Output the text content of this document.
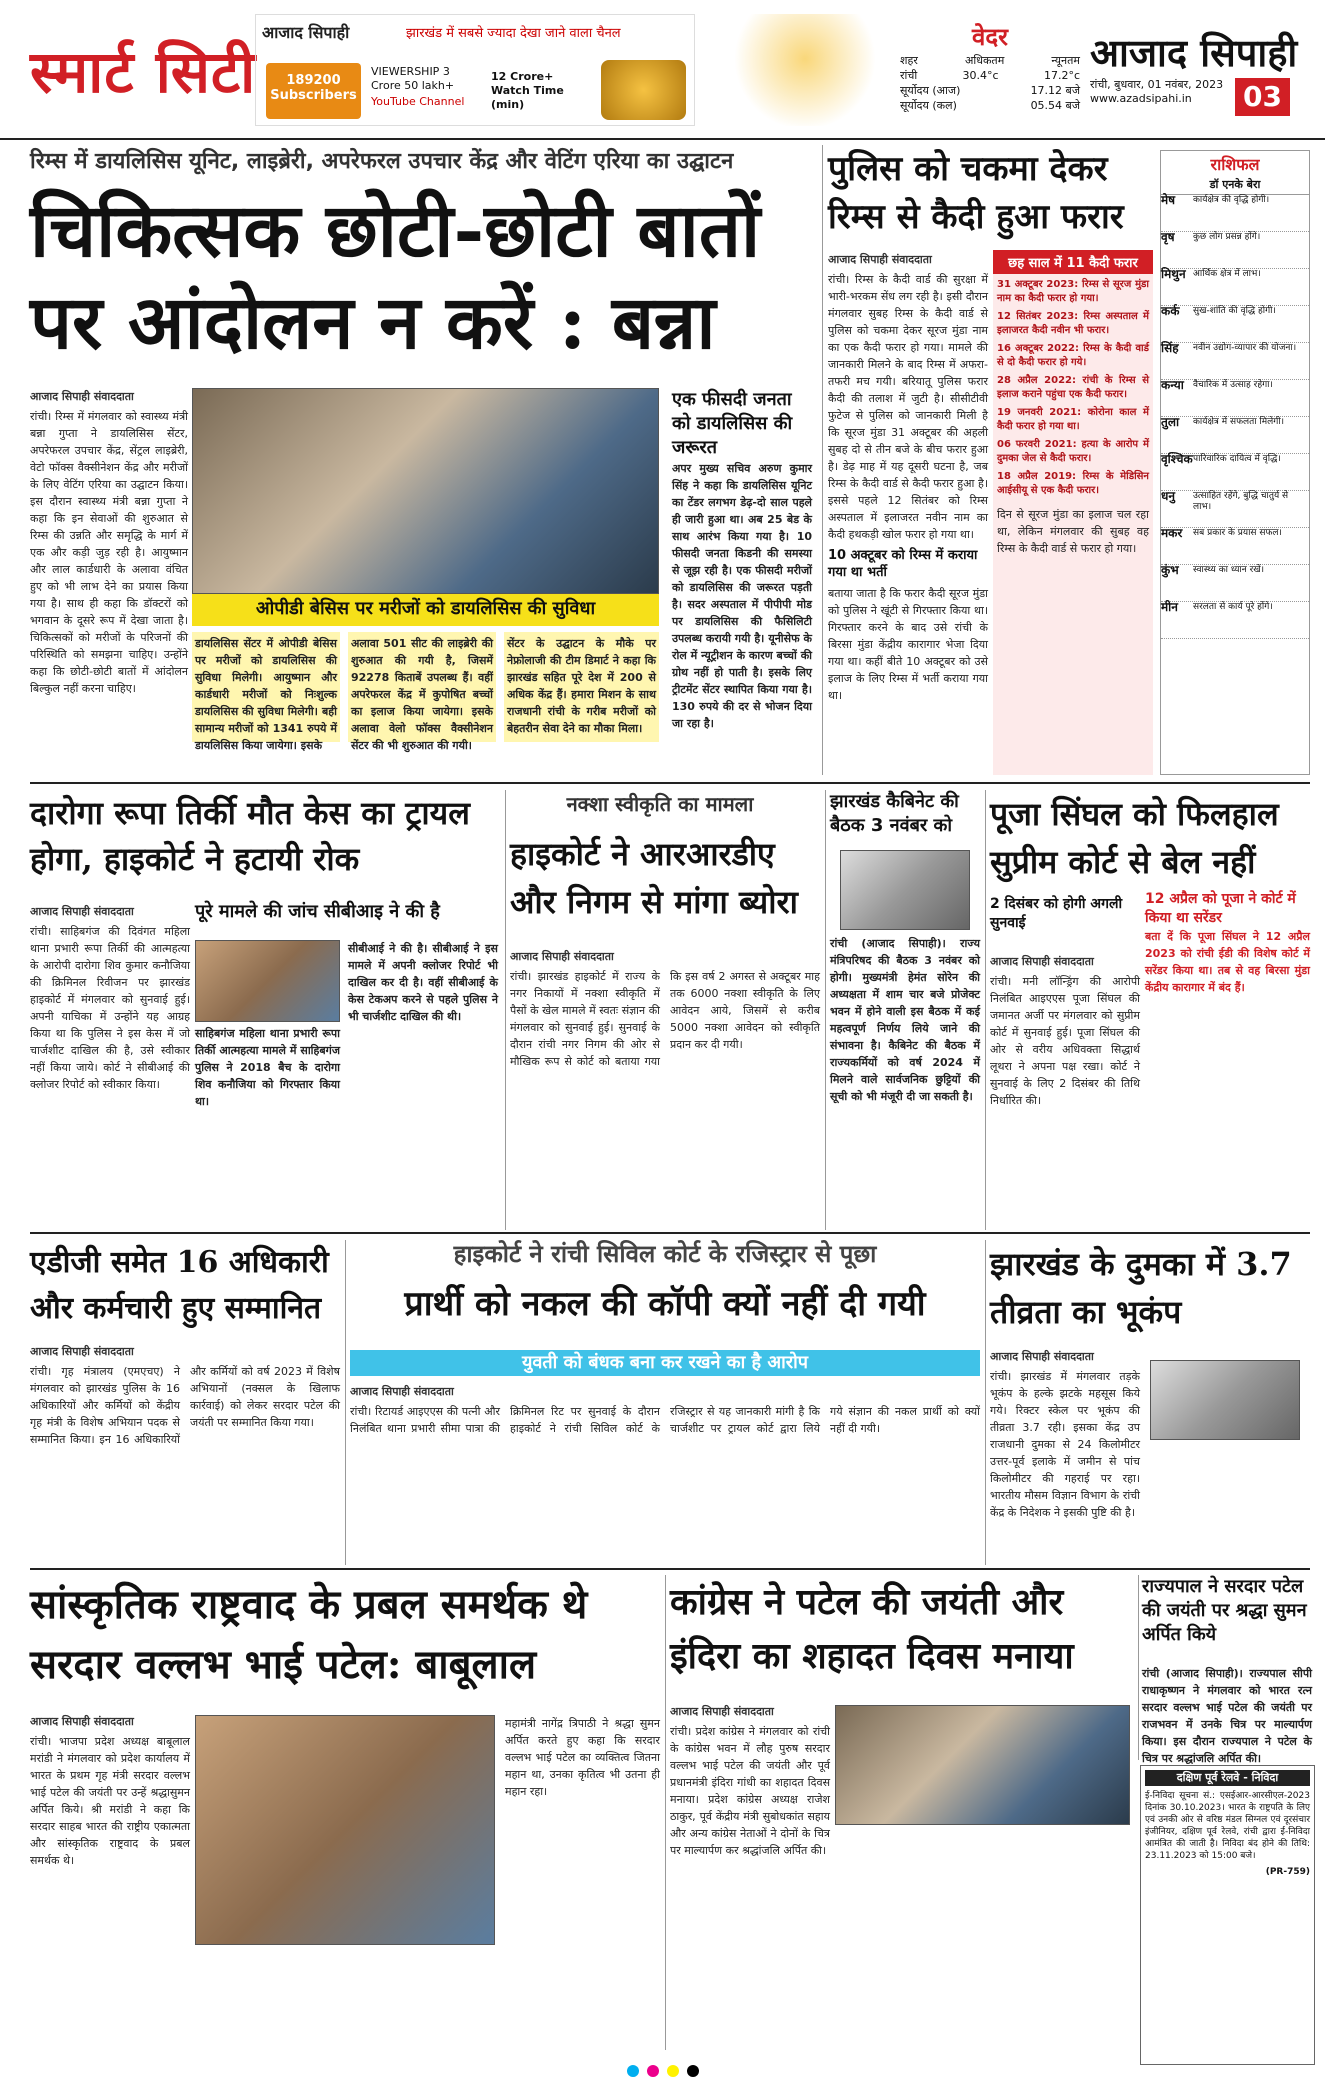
स्मार्ट सिटी
आजाद सिपाही	झारखंड में सबसे ज्यादा देखा जाने वाला चैनल
189200 Subscribers
VIEWERSHIP 3 Crore 50 lakh+
YouTube Channel
12 Crore+ Watch Time (min)
वेदर
शहर	अधिकतम	न्यूनतम
रांची	30.4°c	17.2°c
सूर्योदय (आज)	17.12 बजे
सूर्योदय (कल)	05.54 बजे
आजाद सिपाही
रांची, बुधवार, 01 नवंबर, 2023
www.azadsipahi.in	03
रिम्स में डायलिसिस यूनिट, लाइब्रेरी, अपरेफरल उपचार केंद्र और वेटिंग एरिया का उद्घाटन
चिकित्सक छोटी-छोटी बातों
पर आंदोलन न करें : बन्ना
आजाद सिपाही संवाददाता
रांची। रिम्स में मंगलवार को स्वास्थ्य मंत्री बन्ना गुप्ता ने डायलिसिस सेंटर, अपरेफरल उपचार केंद्र, सेंट्रल लाइब्रेरी, वेटो फॉक्स वैक्सीनेशन केंद्र और मरीजों के लिए वेटिंग एरिया का उद्घाटन किया। इस दौरान स्वास्थ्य मंत्री बन्ना गुप्ता ने कहा कि इन सेवाओं की शुरुआत से रिम्स की उन्नति और समृद्धि के मार्ग में एक और कड़ी जुड़ रही है। आयुष्मान और लाल कार्डधारी के अलावा वंचित हुए को भी लाभ देने का प्रयास किया गया है। साथ ही कहा कि डॉक्टरों को भगवान के दूसरे रूप में देखा जाता है। चिकित्सकों को मरीजों के परिजनों की परिस्थिति को समझना चाहिए। उन्होंने कहा कि छोटी-छोटी बातों में आंदोलन बिल्कुल नहीं करना चाहिए।
ओपीडी बेसिस पर मरीजों को डायलिसिस की सुविधा
डायलिसिस सेंटर में ओपीडी बेसिस पर मरीजों को डायलिसिस की सुविधा मिलेगी। आयुष्मान और कार्डधारी मरीजों को निःशुल्क डायलिसिस की सुविधा मिलेगी। बही सामान्य मरीजों को 1341 रुपये में डायलिसिस किया जायेगा। इसके
अलावा 501 सीट की लाइब्रेरी की शुरुआत की गयी है, जिसमें 92278 किताबें उपलब्ध हैं। वहीं अपरेफरल केंद्र में कुपोषित बच्चों का इलाज किया जायेगा। इसके अलावा वेलो फॉक्स वैक्सीनेशन सेंटर की भी शुरुआत की गयी।
सेंटर के उद्घाटन के मौके पर नेफ्रोलाजी की टीम डिमार्ट ने कहा कि झारखंड सहित पूरे देश में 200 से अधिक केंद्र हैं। हमारा मिशन के साथ राजधानी रांची के गरीब मरीजों को बेहतरीन सेवा देने का मौका मिला।
एक फीसदी जनता को डायलिसिस की जरूरत
अपर मुख्य सचिव अरुण कुमार सिंह ने कहा कि डायलिसिस यूनिट का टेंडर लगभग डेढ़-दो साल पहले ही जारी हुआ था। अब 25 बेड के साथ आरंभ किया गया है। 10 फीसदी जनता किडनी की समस्या से जूझ रही है। एक फीसदी मरीजों को डायलिसिस की जरूरत पड़ती है। सदर अस्पताल में पीपीपी मोड पर डायलिसिस की फैसिलिटी उपलब्ध करायी गयी है। यूनीसेफ के रोल में न्यूट्रीशन के कारण बच्चों की ग्रोथ नहीं हो पाती है। इसके लिए ट्रीटमेंट सेंटर स्थापित किया गया है। 130 रुपये की दर से भोजन दिया जा रहा है।
पुलिस को चकमा देकर रिम्स से कैदी हुआ फरार
आजाद सिपाही संवाददाता
रांची। रिम्स के कैदी वार्ड की सुरक्षा में भारी-भरकम सेंध लग रही है। इसी दौरान मंगलवार सुबह रिम्स के कैदी वार्ड से पुलिस को चकमा देकर सूरज मुंडा नाम का एक कैदी फरार हो गया। मामले की जानकारी मिलने के बाद रिम्स में अफरा-तफरी मच गयी। बरियातू पुलिस फरार कैदी की तलाश में जुटी है। सीसीटीवी फुटेज से पुलिस को जानकारी मिली है कि सूरज मुंडा 31 अक्टूबर की अहली सुबह दो से तीन बजे के बीच फरार हुआ है। डेढ़ माह में यह दूसरी घटना है, जब रिम्स के कैदी वार्ड से कैदी फरार हुआ है। इससे पहले 12 सितंबर को रिम्स अस्पताल में इलाजरत नवीन नाम का कैदी हथकड़ी खोल फरार हो गया था।
10 अक्टूबर को रिम्स में कराया गया था भर्ती
बताया जाता है कि फरार कैदी सूरज मुंडा को पुलिस ने खूंटी से गिरफ्तार किया था। गिरफ्तार करने के बाद उसे रांची के बिरसा मुंडा केंद्रीय कारागार भेजा दिया गया था। कहीं बीते 10 अक्टूबर को उसे इलाज के लिए रिम्स में भर्ती कराया गया था।
छह साल में 11 कैदी फरार
31 अक्टूबर 2023: रिम्स से सूरज मुंडा नाम का कैदी फरार हो गया।
12 सितंबर 2023: रिम्स अस्पताल में इलाजरत कैदी नवीन भी फरार।
16 अक्टूबर 2022: रिम्स के कैदी वार्ड से दो कैदी फरार हो गये।
28 अप्रैल 2022: रांची के रिम्स से इलाज कराने पहुंचा एक कैदी फरार।
19 जनवरी 2021: कोरोना काल में कैदी फरार हो गया था।
06 फरवरी 2021: हत्या के आरोप में दुमका जेल से कैदी फरार।
18 अप्रैल 2019: रिम्स के मेडिसिन आईसीयू से एक कैदी फरार।
दिन से सूरज मुंडा का इलाज चल रहा था, लेकिन मंगलवार की सुबह वह रिम्स के कैदी वार्ड से फरार हो गया।
राशिफल
डॉ एनके बेरा
मेष	कार्यक्षेत्र की वृद्धि होगी।
वृष	कुछ लोग प्रसन्न होंगे।
मिथुन आर्थिक क्षेत्र में लाभ।
कर्क	सुख-शांति की वृद्धि होगी।
सिंह	नवीन उद्योग-व्यापार की योजना।
कन्या	वैचारिक में उत्साह रहेगा।
तुला	कार्यक्षेत्र में सफलता मिलेगी।
वृश्चिक पारिवारिक दायित्व में वृद्धि।
धनु	उत्साहित रहेंगे, बुद्धि चातुर्य से लाभ।
मकर	सब प्रकार के प्रयास सफल।
कुंभ	स्वास्थ्य का ध्यान रखें।
मीन	सरलता से कार्य पूरे होंगे।
दारोगा रूपा तिर्की मौत केस का ट्रायल होगा, हाइकोर्ट ने हटायी रोक
पूरे मामले की जांच सीबीआइ ने की है
आजाद सिपाही संवाददाता
रांची। साहिबगंज की दिवंगत महिला थाना प्रभारी रूपा तिर्की की आत्महत्या के आरोपी दारोगा शिव कुमार कनौजिया की क्रिमिनल रिवीजन पर झारखंड हाइकोर्ट में मंगलवार को सुनवाई हुई। अपनी याचिका में उन्होंने यह आग्रह किया था कि पुलिस ने इस केस में जो चार्जशीट दाखिल की है, उसे स्वीकार नहीं किया जाये। कोर्ट ने सीबीआई की क्लोजर रिपोर्ट को स्वीकार किया।
साहिबगंज महिला थाना प्रभारी रूपा तिर्की आत्महत्या मामले में साहिबगंज पुलिस ने 2018 बैच के दारोगा शिव कनौजिया को गिरफ्तार किया था।
सीबीआई ने की है। सीबीआई ने इस मामले में अपनी क्लोजर रिपोर्ट भी दाखिल कर दी है। वहीं सीबीआई के केस टेकअप करने से पहले पुलिस ने भी चार्जशीट दाखिल की थी।
नक्शा स्वीकृति का मामला
हाइकोर्ट ने आरआरडीए और निगम से मांगा ब्योरा
आजाद सिपाही संवाददाता
रांची। झारखंड हाइकोर्ट में राज्य के नगर निकायों में नक्शा स्वीकृति में पैसों के खेल मामले में स्वतः संज्ञान की मंगलवार को सुनवाई हुई। सुनवाई के दौरान रांची नगर निगम की ओर से मौखिक रूप से कोर्ट को बताया गया कि इस वर्ष 2 अगस्त से अक्टूबर माह तक 6000 नक्शा स्वीकृति के लिए आवेदन आये, जिसमें से करीब 5000 नक्शा आवेदन को स्वीकृति प्रदान कर दी गयी।
झारखंड कैबिनेट की बैठक 3 नवंबर को
रांची (आजाद सिपाही)। राज्य मंत्रिपरिषद की बैठक 3 नवंबर को होगी। मुख्यमंत्री हेमंत सोरेन की अध्यक्षता में शाम चार बजे प्रोजेक्ट भवन में होने वाली इस बैठक में कई महत्वपूर्ण निर्णय लिये जाने की संभावना है। कैबिनेट की बैठक में राज्यकर्मियों को वर्ष 2024 में मिलने वाले सार्वजनिक छुट्टियों की सूची को भी मंजूरी दी जा सकती है।
पूजा सिंघल को फिलहाल सुप्रीम कोर्ट से बेल नहीं
2 दिसंबर को होगी अगली सुनवाई
12 अप्रैल को पूजा ने कोर्ट में किया था सरेंडर
बता दें कि पूजा सिंघल ने 12 अप्रैल 2023 को रांची ईडी की विशेष कोर्ट में सरेंडर किया था। तब से वह बिरसा मुंडा केंद्रीय कारागार में बंद हैं।
आजाद सिपाही संवाददाता
रांची। मनी लॉन्ड्रिंग की आरोपी निलंबित आइएएस पूजा सिंघल की जमानत अर्जी पर मंगलवार को सुप्रीम कोर्ट में सुनवाई हुई। पूजा सिंघल की ओर से वरीय अधिवक्ता सिद्धार्थ लूथरा ने अपना पक्ष रखा। कोर्ट ने सुनवाई के लिए 2 दिसंबर की तिथि निर्धारित की।
एडीजी समेत 16 अधिकारी और कर्मचारी हुए सम्मानित
आजाद सिपाही संवाददाता
रांची। गृह मंत्रालय (एमएचए) ने मंगलवार को झारखंड पुलिस के 16 अधिकारियों और कर्मियों को केंद्रीय गृह मंत्री के विशेष अभियान पदक से सम्मानित किया। इन 16 अधिकारियों और कर्मियों को वर्ष 2023 में विशेष अभियानों (नक्सल के खिलाफ कार्रवाई) को लेकर सरदार पटेल की जयंती पर सम्मानित किया गया।
हाइकोर्ट ने रांची सिविल कोर्ट के रजिस्ट्रार से पूछा
प्रार्थी को नकल की कॉपी क्यों नहीं दी गयी
युवती को बंधक बना कर रखने का है आरोप
आजाद सिपाही संवाददाता
रांची। रिटायर्ड आइएएस की पत्नी और निलंबित थाना प्रभारी सीमा पात्रा की क्रिमिनल रिट पर सुनवाई के दौरान हाइकोर्ट ने रांची सिविल कोर्ट के रजिस्ट्रार से यह जानकारी मांगी है कि चार्जशीट पर ट्रायल कोर्ट द्वारा लिये गये संज्ञान की नकल प्रार्थी को क्यों नहीं दी गयी।
झारखंड के दुमका में 3.7 तीव्रता का भूकंप
आजाद सिपाही संवाददाता
रांची। झारखंड में मंगलवार तड़के भूकंप के हल्के झटके महसूस किये गये। रिक्टर स्केल पर भूकंप की तीव्रता 3.7 रही। इसका केंद्र उप राजधानी दुमका से 24 किलोमीटर उत्तर-पूर्व इलाके में जमीन से पांच किलोमीटर की गहराई पर रहा। भारतीय मौसम विज्ञान विभाग के रांची केंद्र के निदेशक ने इसकी पुष्टि की है।
सांस्कृतिक राष्ट्रवाद के प्रबल समर्थक थे सरदार वल्लभ भाई पटेल: बाबूलाल
आजाद सिपाही संवाददाता
रांची। भाजपा प्रदेश अध्यक्ष बाबूलाल मरांडी ने मंगलवार को प्रदेश कार्यालय में भारत के प्रथम गृह मंत्री सरदार वल्लभ भाई पटेल की जयंती पर उन्हें श्रद्धासुमन अर्पित किये। श्री मरांडी ने कहा कि सरदार साहब भारत की राष्ट्रीय एकात्मता और सांस्कृतिक राष्ट्रवाद के प्रबल समर्थक थे।
महामंत्री नागेंद्र त्रिपाठी ने श्रद्धा सुमन अर्पित करते हुए कहा कि सरदार वल्लभ भाई पटेल का व्यक्तित्व जितना महान था, उनका कृतित्व भी उतना ही महान रहा।
कांग्रेस ने पटेल की जयंती और इंदिरा का शहादत दिवस मनाया
आजाद सिपाही संवाददाता
रांची। प्रदेश कांग्रेस ने मंगलवार को रांची के कांग्रेस भवन में लौह पुरुष सरदार वल्लभ भाई पटेल की जयंती और पूर्व प्रधानमंत्री इंदिरा गांधी का शहादत दिवस मनाया। प्रदेश कांग्रेस अध्यक्ष राजेश ठाकुर, पूर्व केंद्रीय मंत्री सुबोधकांत सहाय और अन्य कांग्रेस नेताओं ने दोनों के चित्र पर माल्यार्पण कर श्रद्धांजलि अर्पित की।
राज्यपाल ने सरदार पटेल की जयंती पर श्रद्धा सुमन अर्पित किये
रांची (आजाद सिपाही)। राज्यपाल सीपी राधाकृष्णन ने मंगलवार को भारत रत्न सरदार वल्लभ भाई पटेल की जयंती पर राजभवन में उनके चित्र पर माल्यार्पण किया। इस दौरान राज्यपाल ने पटेल के चित्र पर श्रद्धांजलि अर्पित की।
दक्षिण पूर्व रेलवे - निविदा
ई-निविदा सूचना सं.: एसईआर-आरसीएल-2023 दिनांक 30.10.2023। भारत के राष्ट्रपति के लिए एवं उनकी ओर से वरिष्ठ मंडल सिग्नल एवं दूरसंचार इंजीनियर, दक्षिण पूर्व रेलवे, रांची द्वारा ई-निविदा आमंत्रित की जाती है। निविदा बंद होने की तिथि: 23.11.2023 को 15:00 बजे।
(PR-759)
